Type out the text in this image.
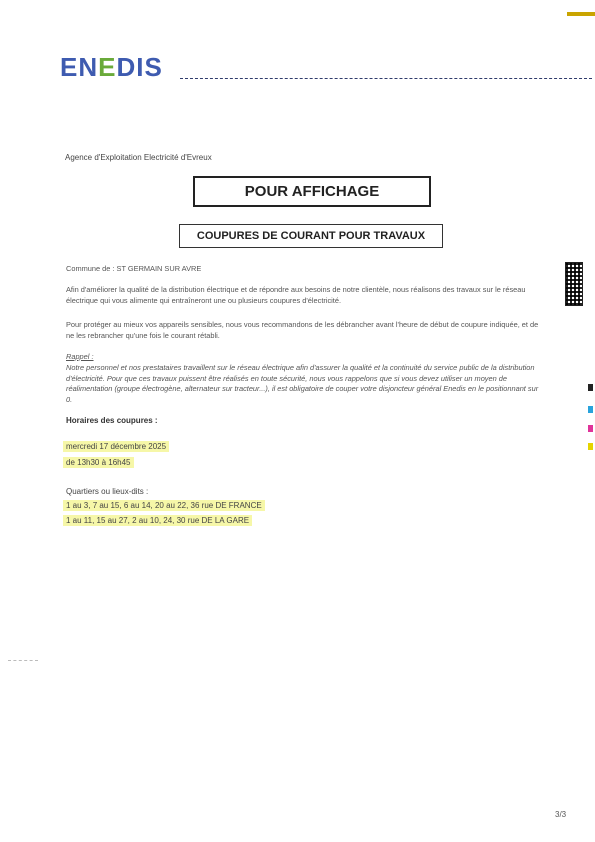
ENEDIS
Agence d'Exploitation Electricité d'Evreux
POUR AFFICHAGE
COUPURES DE COURANT POUR TRAVAUX
Commune de : ST GERMAIN SUR AVRE
Afin d'améliorer la qualité de la distribution électrique et de répondre aux besoins de notre clientèle, nous réalisons des travaux sur le réseau électrique qui vous alimente qui entraîneront une ou plusieurs coupures d'électricité.
Pour protéger au mieux vos appareils sensibles, nous vous recommandons de les débrancher avant l'heure de début de coupure indiquée, et de ne les rebrancher qu'une fois le courant rétabli.
Rappel :
Notre personnel et nos prestataires travaillent sur le réseau électrique afin d'assurer la qualité et la continuité du service public de la distribution d'électricité. Pour que ces travaux puissent être réalisés en toute sécurité, nous vous rappelons que si vous devez utiliser un moyen de réalimentation (groupe électrogène, alternateur sur tracteur...), il est obligatoire de couper votre disjoncteur général Enedis en le positionnant sur 0.
Horaires des coupures :
mercredi 17 décembre 2025
de 13h30 à 16h45
Quartiers ou lieux-dits :
1 au 3, 7 au 15, 6 au 14, 20 au 22, 36 rue DE FRANCE
1 au 11, 15 au 27, 2 au 10, 24, 30 rue DE LA GARE
3/3
